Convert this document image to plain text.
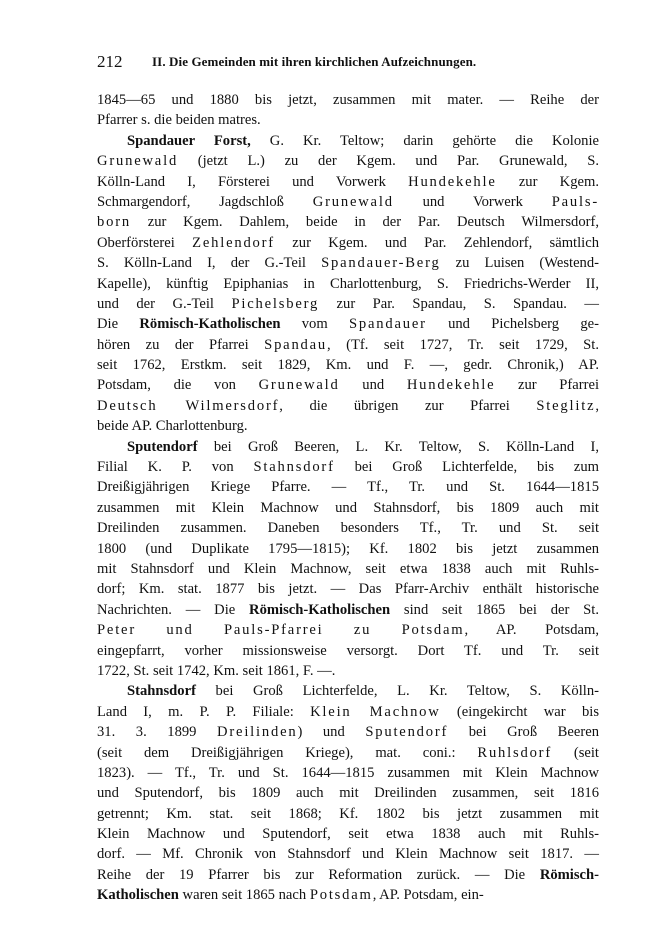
212 II. Die Gemeinden mit ihren kirchlichen Aufzeichnungen.
1845—65 und 1880 bis jetzt, zusammen mit mater. — Reihe der
Pfarrer s. die beiden matres.
Spandauer Forst, G. Kr. Teltow; darin gehörte die Kolonie
Grunewald (jetzt L.) zu der Kgem. und Par. Grunewald, S.
Kölln-Land I, Försterei und Vorwerk Hundekehle zur Kgem.
Schmargendorf, Jagdschloß Grunewald und Vorwerk Pauls-
born zur Kgem. Dahlem, beide in der Par. Deutsch Wilmersdorf,
Oberförsterei Zehlendorf zur Kgem. und Par. Zehlendorf, sämtlich
S. Kölln-Land I, der G.-Teil Spandauer-Berg zu Luisen (Westend-
Kapelle), künftig Epiphanias in Charlottenburg, S. Friedrichs-Werder II,
und der G.-Teil Pichelsberg zur Par. Spandau, S. Spandau. —
Die Römisch-Katholischen vom Spandauer und Pichelsberg ge-
hören zu der Pfarrei Spandau, (Tf. seit 1727, Tr. seit 1729, St.
seit 1762, Erstkm. seit 1829, Km. und F. —, gedr. Chronik,) AP.
Potsdam, die von Grunewald und Hundekehle zur Pfarrei
Deutsch Wilmersdorf, die übrigen zur Pfarrei Steglitz,
beide AP. Charlottenburg.
Sputendorf bei Groß Beeren, L. Kr. Teltow, S. Kölln-Land I,
Filial K. P. von Stahnsdorf bei Groß Lichterfelde, bis zum
Dreißigjährigen Kriege Pfarre. — Tf., Tr. und St. 1644—1815
zusammen mit Klein Machnow und Stahnsdorf, bis 1809 auch mit
Dreilinden zusammen. Daneben besonders Tf., Tr. und St. seit
1800 (und Duplikate 1795—1815); Kf. 1802 bis jetzt zusammen
mit Stahnsdorf und Klein Machnow, seit etwa 1838 auch mit Ruhls-
dorf; Km. stat. 1877 bis jetzt. — Das Pfarr-Archiv enthält historische
Nachrichten. — Die Römisch-Katholischen sind seit 1865 bei der St.
Peter und Pauls-Pfarrei zu Potsdam, AP. Potsdam,
eingepfarrt, vorher missionsweise versorgt. Dort Tf. und Tr. seit
1722, St. seit 1742, Km. seit 1861, F. —.
Stahnsdorf bei Groß Lichterfelde, L. Kr. Teltow, S. Kölln-
Land I, m. P. P. Filiale: Klein Machnow (eingekircht war bis
31. 3. 1899 Dreilinden) und Sputendorf bei Groß Beeren
(seit dem Dreißigjährigen Kriege), mat. coni.: Ruhlsdorf (seit
1823). — Tf., Tr. und St. 1644—1815 zusammen mit Klein Machnow
und Sputendorf, bis 1809 auch mit Dreilinden zusammen, seit 1816
getrennt; Km. stat. seit 1868; Kf. 1802 bis jetzt zusammen mit
Klein Machnow und Sputendorf, seit etwa 1838 auch mit Ruhls-
dorf. — Mf. Chronik von Stahnsdorf und Klein Machnow seit 1817. —
Reihe der 19 Pfarrer bis zur Reformation zurück. — Die Römisch-
Katholischen waren seit 1865 nach Potsdam, AP. Potsdam, ein-
